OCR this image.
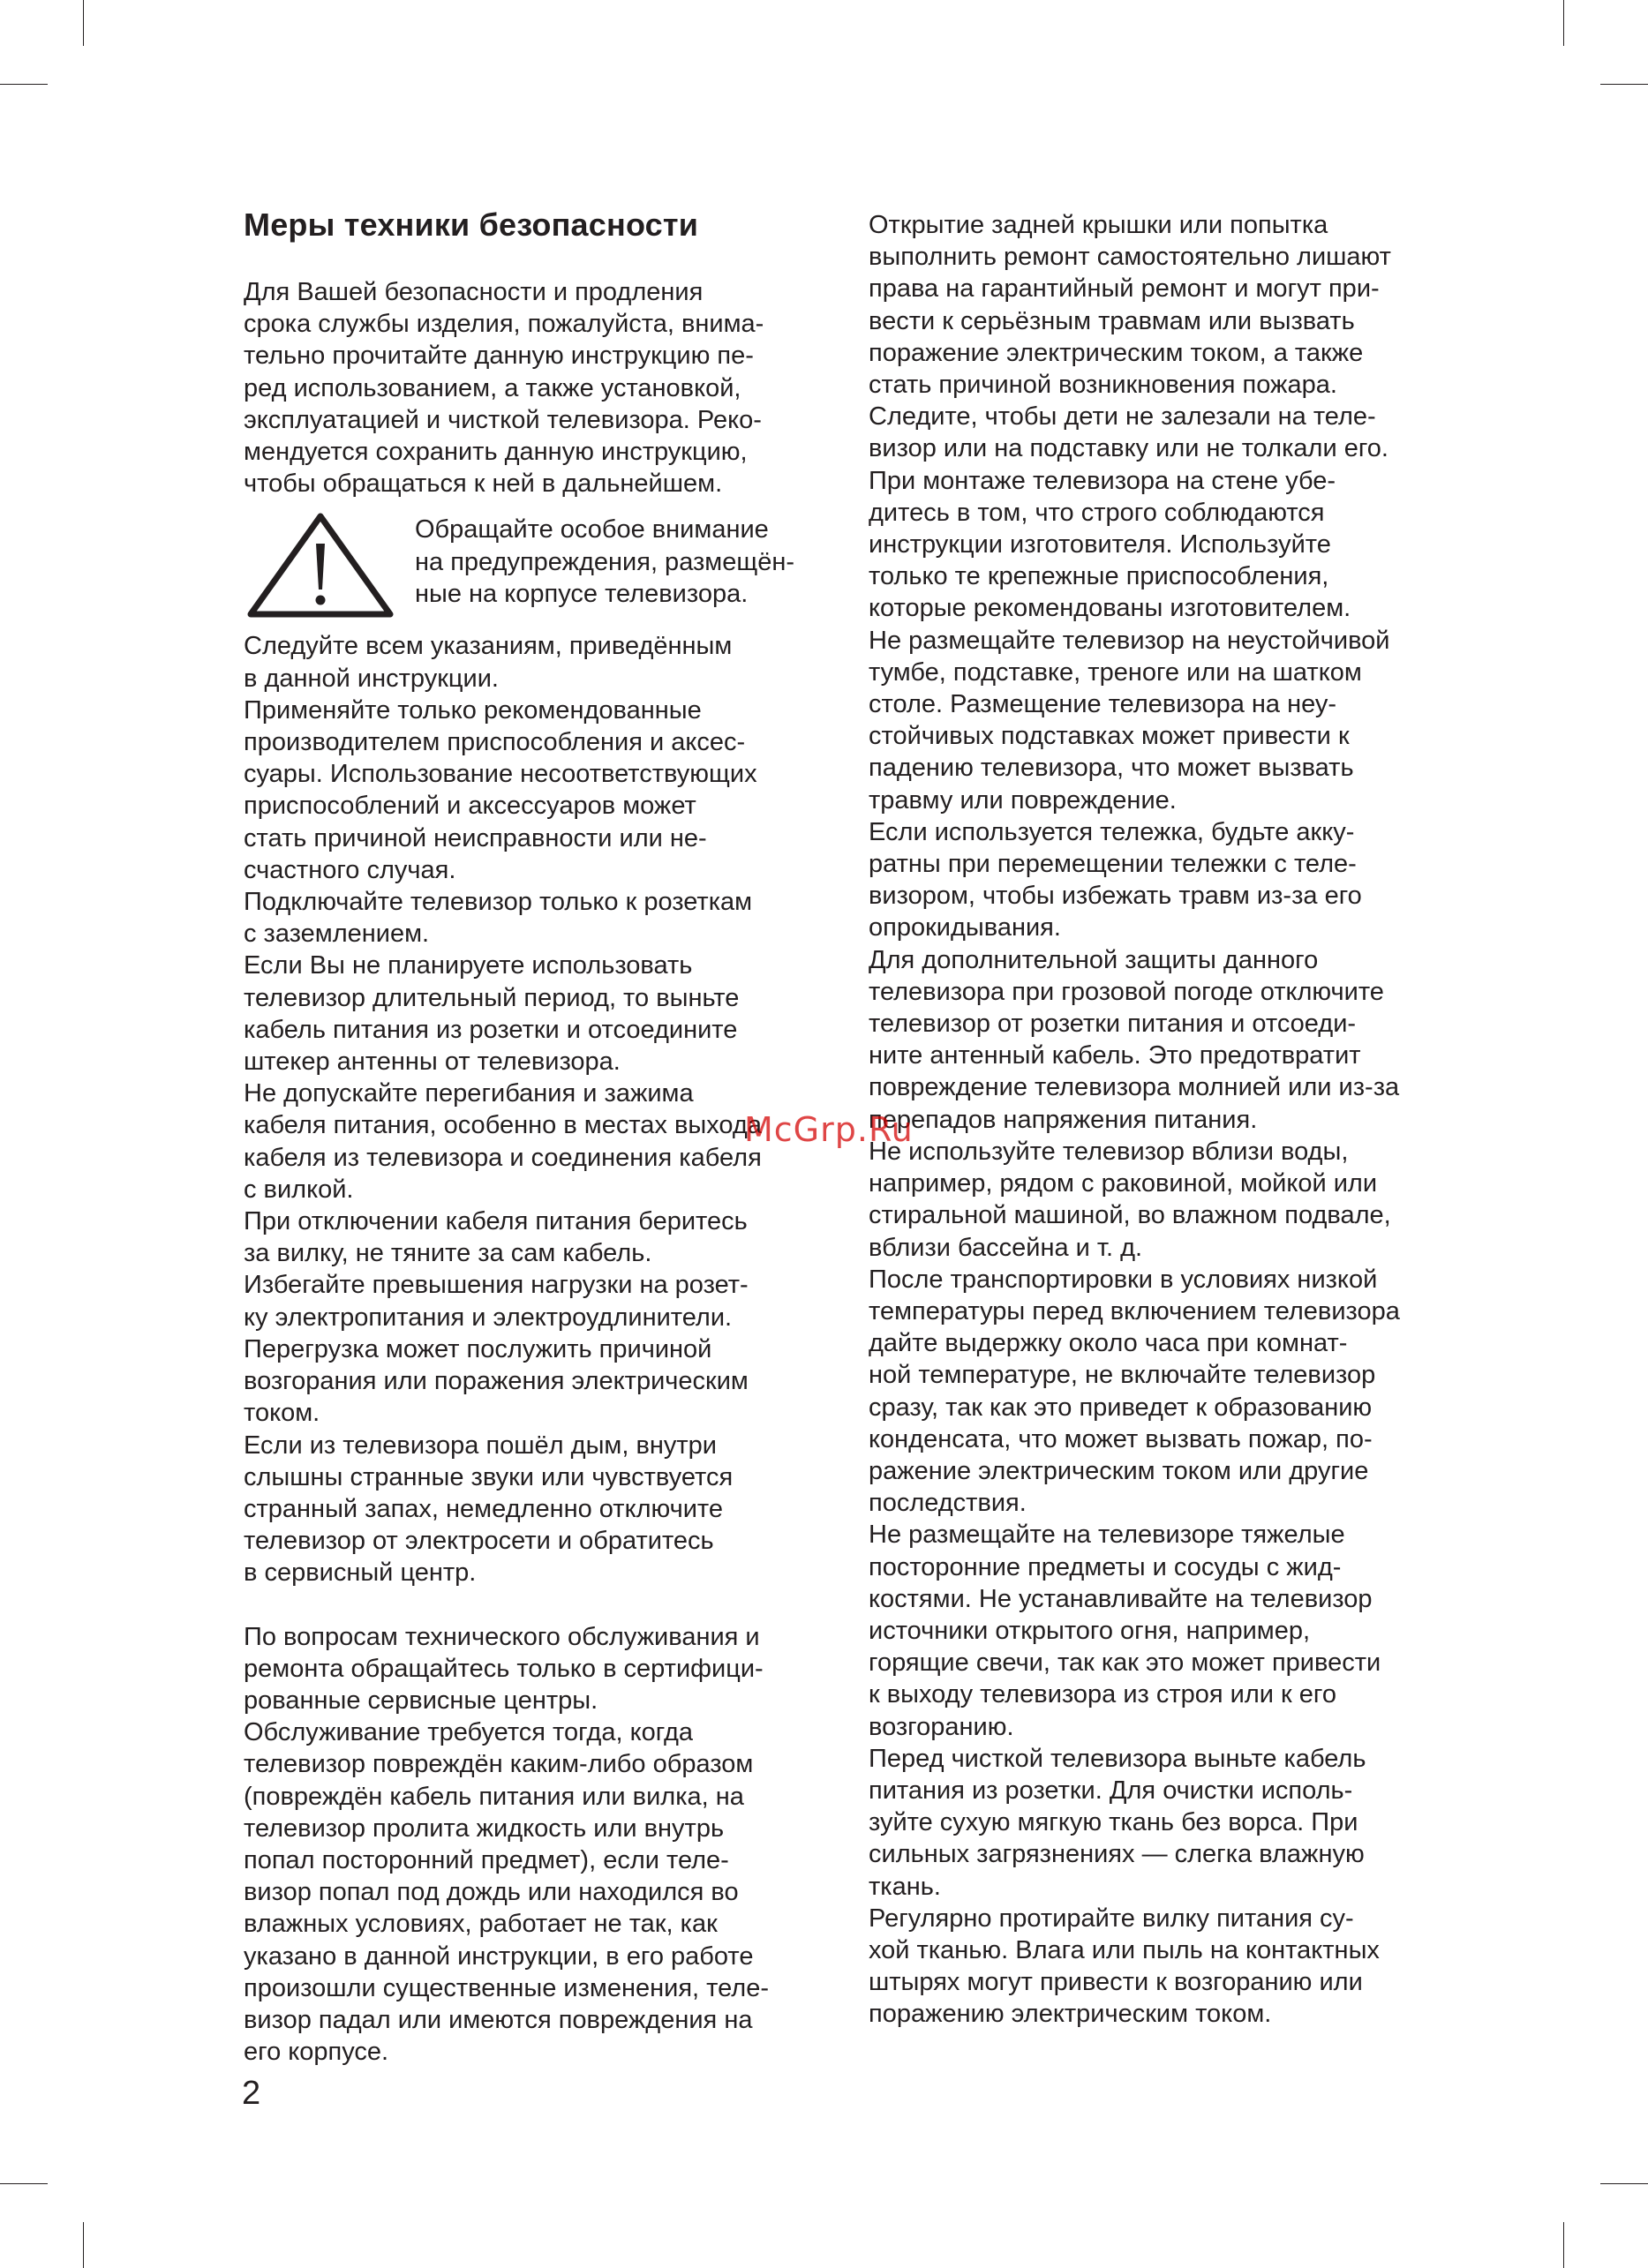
Меры техники безопасности

Для Вашей безопасности и продления
срока службы изделия, пожалуйста, внима-
тельно прочитайте данную инструкцию пе-
ред использованием, а также установкой,
эксплуатацией и чисткой телевизора. Реко-
мендуется сохранить данную инструкцию,
чтобы обращаться к ней в дальнейшем.

Обращайте особое внимание
на предупреждения, размещён-
ные на корпусе телевизора.

Следуйте всем указаниям, приведённым
в данной инструкции.

Применяйте только рекомендованные
производителем приспособления и аксес-
суары. Использование несоответствующих
приспособлений и аксессуаров может
стать причиной неисправности или не-
счастного случая.

Подключайте телевизор только к розеткам
с заземлением.

Если Вы не планируете использовать
телевизор длительный период, то выньте
кабель питания из розетки и отсоедините
штекер антенны от телевизора.

Не допускайте перегибания и зажима
кабеля питания, особенно в местах выхода
кабеля из телевизора и соединения кабеля
с вилкой.

При отключении кабеля питания беритесь
за вилку, не тяните за сам кабель.

Избегайте превышения нагрузки на розет-
ку электропитания и электроудлинители.
Перегрузка может послужить причиной
возгорания или поражения электрическим
током.

Если из телевизора пошёл дым, внутри
слышны странные звуки или чувствуется
странный запах, немедленно отключите
телевизор от электросети и обратитесь
в сервисный центр.

По вопросам технического обслуживания и
ремонта обращайтесь только в сертифици-
рованные сервисные центры.

Обслуживание требуется тогда, когда
телевизор повреждён каким-либо образом
(повреждён кабель питания или вилка, на
телевизор пролита жидкость или внутрь
попал посторонний предмет), если теле-
визор попал под дождь или находился во
влажных условиях, работает не так, как
указано в данной инструкции, в его работе
произошли существенные изменения, теле-
визор падал или имеются повреждения на
его корпусе.

Открытие задней крышки или попытка
выполнить ремонт самостоятельно лишают
права на гарантийный ремонт и могут при-
вести к серьёзным травмам или вызвать
поражение электрическим током, а также
стать причиной возникновения пожара.

Следите, чтобы дети не залезали на теле-
визор или на подставку или не толкали его.

При монтаже телевизора на стене убе-
дитесь в том, что строго соблюдаются
инструкции изготовителя. Используйте
только те крепежные приспособления,
которые рекомендованы изготовителем.

Не размещайте телевизор на неустойчивой
тумбе, подставке, треноге или на шатком
столе. Размещение телевизора на неу-
стойчивых подставках может привести к
падению телевизора, что может вызвать
травму или повреждение.

Если используется тележка, будьте акку-
ратны при перемещении тележки с теле-
визором, чтобы избежать травм из-за его
опрокидывания.

Для дополнительной защиты данного
телевизора при грозовой погоде отключите
телевизор от розетки питания и отсоеди-
ните антенный кабель. Это предотвратит
повреждение телевизора молнией или из-за
перепадов напряжения питания.

Не используйте телевизор вблизи воды,
например, рядом с раковиной, мойкой или
стиральной машиной, во влажном подвале,
вблизи бассейна и т. д.

После транспортировки в условиях низкой
температуры перед включением телевизора
дайте выдержку около часа при комнат-
ной температуре, не включайте телевизор
сразу, так как это приведет к образованию
конденсата, что может вызвать пожар, по-
ражение электрическим током или другие
последствия.

Не размещайте на телевизоре тяжелые
посторонние предметы и сосуды с жид-
костями. Не устанавливайте на телевизор
источники открытого огня, например,
горящие свечи, так как это может привести
к выходу телевизора из строя или к его
возгоранию.

Перед чисткой телевизора выньте кабель
питания из розетки. Для очистки исполь-
зуйте сухую мягкую ткань без ворса. При
сильных загрязнениях — слегка влажную
ткань.

Регулярно протирайте вилку питания су-
хой тканью. Влага или пыль на контактных
штырях могут привести к возгоранию или
поражению электрическим током.

McGrp.Ru
2
